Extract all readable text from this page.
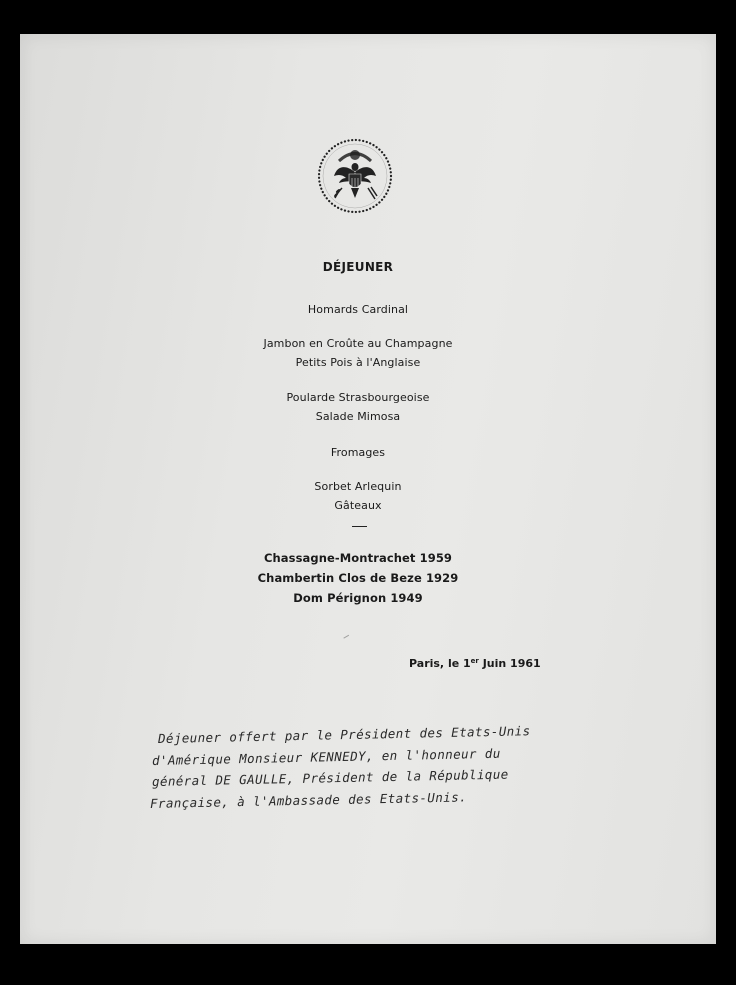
DÉJEUNER
Homards Cardinal
Jambon en Croûte au Champagne
Petits Pois à l'Anglaise
Poularde Strasbourgeoise
Salade Mimosa
Fromages
Sorbet Arlequin
Gâteaux
Chassagne-Montrachet 1959
Chambertin Clos de Beze 1929
Dom Pérignon 1949
Paris, le 1er Juin 1961
Déjeuner offert par le Président des Etats-Unis
d'Amérique Monsieur KENNEDY, en l'honneur du
général DE GAULLE, Président de la République
Française, à l'Ambassade des Etats-Unis.
